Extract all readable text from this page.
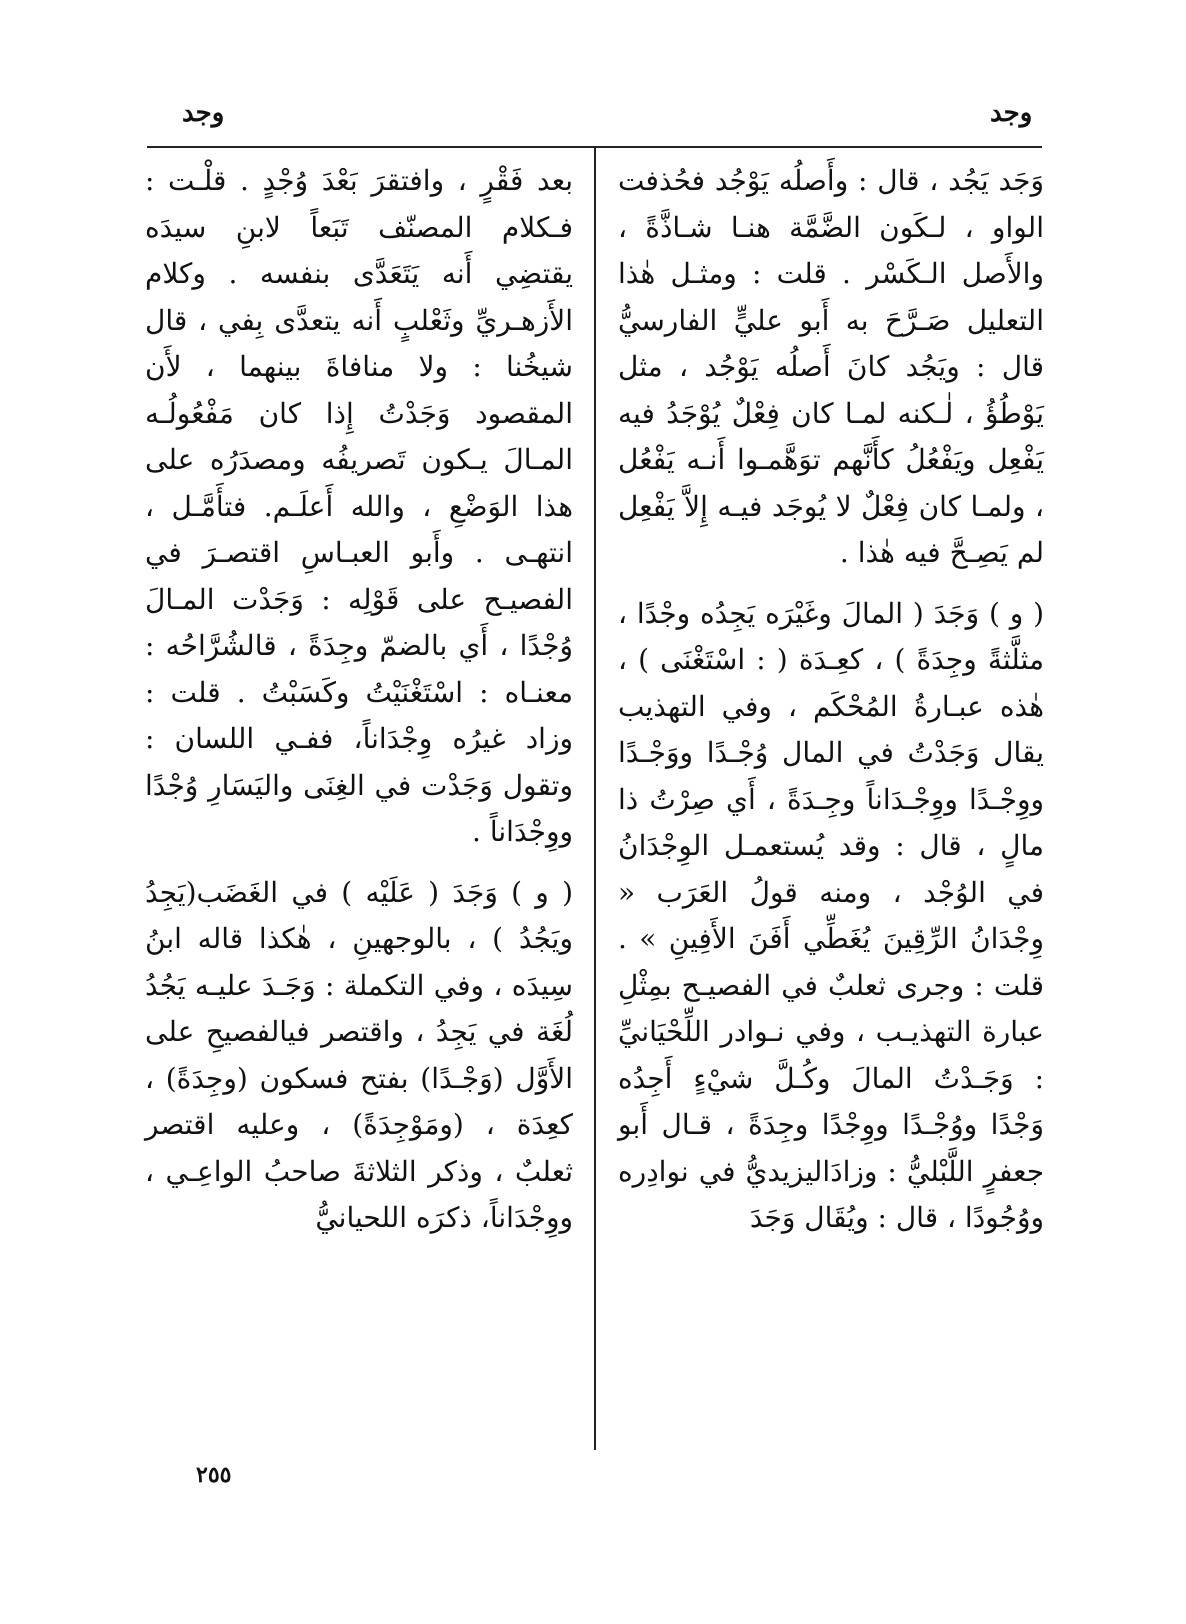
وجد
وجد

وَجَد يَجُد ، قال : وأَصلُه يَوْجُد فحُذفت الواو ، لـكَون الضَّمَّة هنـا شـاذَّةً ، والأَصل الـكَسْر . قلت : ومثـل هٰذا التعليل صَـرَّحَ به أَبو عليٍّ الفارسيُّ قال : ويَجُد كانَ أَصلُه يَوْجُد ، مثل يَوْطُؤُ ، لٰـكنه لمـا كان فِعْلٌ يُوْجَدُ فيه يَفْعِل ويَفْعُلُ كأَنَّهم توَهَّمـوا أَنـه يَفْعُل ، ولمـا كان فِعْلٌ لا يُوجَد فيـه إِلاَّ يَفْعِل لم يَصِـحَّ فيه هٰذا .

( و ) وَجَدَ ( المالَ وغَيْرَه يَجِدُه وجْدًا ، مثلَّثةً وجِدَةً ) ، كعِـدَة ( : اسْتَغْنَى ) ، هٰذه عبـارةُ المُحْكَم ، وفي التهذيب يقال وَجَدْتُ في المال وُجْـدًا ووَجْـدًا ووِجْـدًا ووِجْـدَاناً وجِـدَةً ، أَي صِرْتُ ذا مالٍ ، قال : وقد يُستعمـل الوِجْدَانُ في الوُجْد ، ومنه قولُ العَرَب « وِجْدَانُ الرِّقِينَ يُغَطِّي أَفَنَ الأَفِينِ » . قلت : وجرى ثعلبٌ في الفصيـح بمِثْلِ عبارة التهذيـب ، وفي نـوادر اللِّحْيَانيِّ : وَجَـدْتُ المالَ وكُـلَّ شيْءٍ أَجِدُه وَجْدًا ووُجْـدًا ووِجْدًا وجِدَةً ، قـال أَبو جعفرٍ اللَّبْليُّ : وزادَاليزيديُّ في نوادِره ووُجُودًا ، قال : ويُقَال وَجَدَ

بعد فَقْرٍ ، وافتقرَ بَعْدَ وُجْدٍ . قلْـت : فـكلام المصنّف تَبَعاً لابنِ سيدَه يقتضِي أَنه يَتَعَدَّى بنفسه . وكلام الأَزهـريِّ وثَعْلبٍ أَنه يتعدَّى بِفي ، قال شيخُنا : ولا منافاةَ بينهما ، لأَن المقصود وَجَدْتُ إِذا كان مَفْعُولُـه المـالَ يـكون تَصريفُه ومصدَرُه على هذا الوَضْعِ ، والله أَعلَـم. فتأَمَّـل ، انتهـى . وأَبو العبـاسِ اقتصـرَ في الفصيـح على قَوْلِه : وَجَدْت المـالَ وُجْدًا ، أَي بالضمّ وجِدَةً ، قالشُرَّاحُه : معنـاه : اسْتَغْنَيْتُ وكَسَبْتُ . قلت : وزاد غيرُه وِجْدَاناً، ففـي اللسان : وتقول وَجَدْت في الغِنَى واليَسَارِ وُجْدًا ووِجْدَاناً .

( و ) وَجَدَ ( عَلَيْه ) في الغَضَب(يَجِدُ ويَجُدُ ) ، بالوجهينِ ، هٰكذا قاله ابنُ سِيدَه ، وفي التكملة : وَجَـدَ عليـه يَجُدُ لُغَة في يَجِدُ ، واقتصر فيالفصيحِ على الأَوَّل (وَجْـدًا) بفتح فسكون (وجِدَةً) ، كعِدَة ، (ومَوْجِدَةً) ، وعليه اقتصر ثعلبٌ ، وذكر الثلاثةَ صاحبُ الواعِـي ، ووِجْدَاناً، ذكرَه اللحيانيُّ

٢٥٥
